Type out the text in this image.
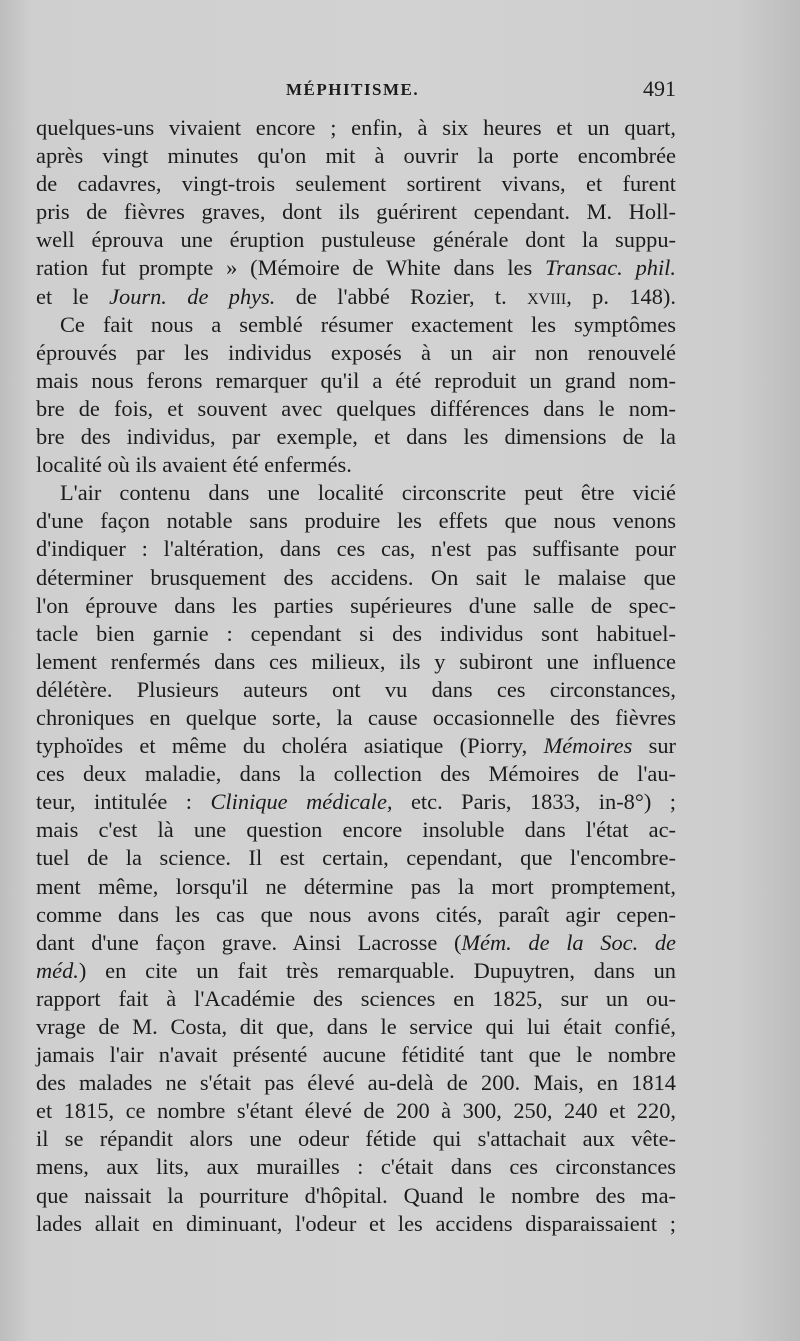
MÉPHITISME.	491
quelques-uns vivaient encore ; enfin, à six heures et un quart,
après vingt minutes qu'on mit à ouvrir la porte encombrée
de cadavres, vingt-trois seulement sortirent vivans, et furent
pris de fièvres graves, dont ils guérirent cependant. M. Holl-
well éprouva une éruption pustuleuse générale dont la suppu-
ration fut prompte » (Mémoire de White dans les Transac. phil.
et le Journ. de phys. de l'abbé Rozier, t. xviii, p. 148).
Ce fait nous a semblé résumer exactement les symptômes
éprouvés par les individus exposés à un air non renouvelé
mais nous ferons remarquer qu'il a été reproduit un grand nom-
bre de fois, et souvent avec quelques différences dans le nom-
bre des individus, par exemple, et dans les dimensions de la
localité où ils avaient été enfermés.
L'air contenu dans une localité circonscrite peut être vicié
d'une façon notable sans produire les effets que nous venons
d'indiquer : l'altération, dans ces cas, n'est pas suffisante pour
déterminer brusquement des accidens. On sait le malaise que
l'on éprouve dans les parties supérieures d'une salle de spec-
tacle bien garnie : cependant si des individus sont habituel-
lement renfermés dans ces milieux, ils y subiront une influence
délétère. Plusieurs auteurs ont vu dans ces circonstances,
chroniques en quelque sorte, la cause occasionnelle des fièvres
typhoïdes et même du choléra asiatique (Piorry, Mémoires sur
ces deux maladie, dans la collection des Mémoires de l'au-
teur, intitulée : Clinique médicale, etc. Paris, 1833, in-8°) ;
mais c'est là une question encore insoluble dans l'état ac-
tuel de la science. Il est certain, cependant, que l'encombre-
ment même, lorsqu'il ne détermine pas la mort promptement,
comme dans les cas que nous avons cités, paraît agir cepen-
dant d'une façon grave. Ainsi Lacrosse (Mém. de la Soc. de
méd.) en cite un fait très remarquable. Dupuytren, dans un
rapport fait à l'Académie des sciences en 1825, sur un ou-
vrage de M. Costa, dit que, dans le service qui lui était confié,
jamais l'air n'avait présenté aucune fétidité tant que le nombre
des malades ne s'était pas élevé au-delà de 200. Mais, en 1814
et 1815, ce nombre s'étant élevé de 200 à 300, 250, 240 et 220,
il se répandit alors une odeur fétide qui s'attachait aux vête-
mens, aux lits, aux murailles : c'était dans ces circonstances
que naissait la pourriture d'hôpital. Quand le nombre des ma-
lades allait en diminuant, l'odeur et les accidens disparaissaient ;
